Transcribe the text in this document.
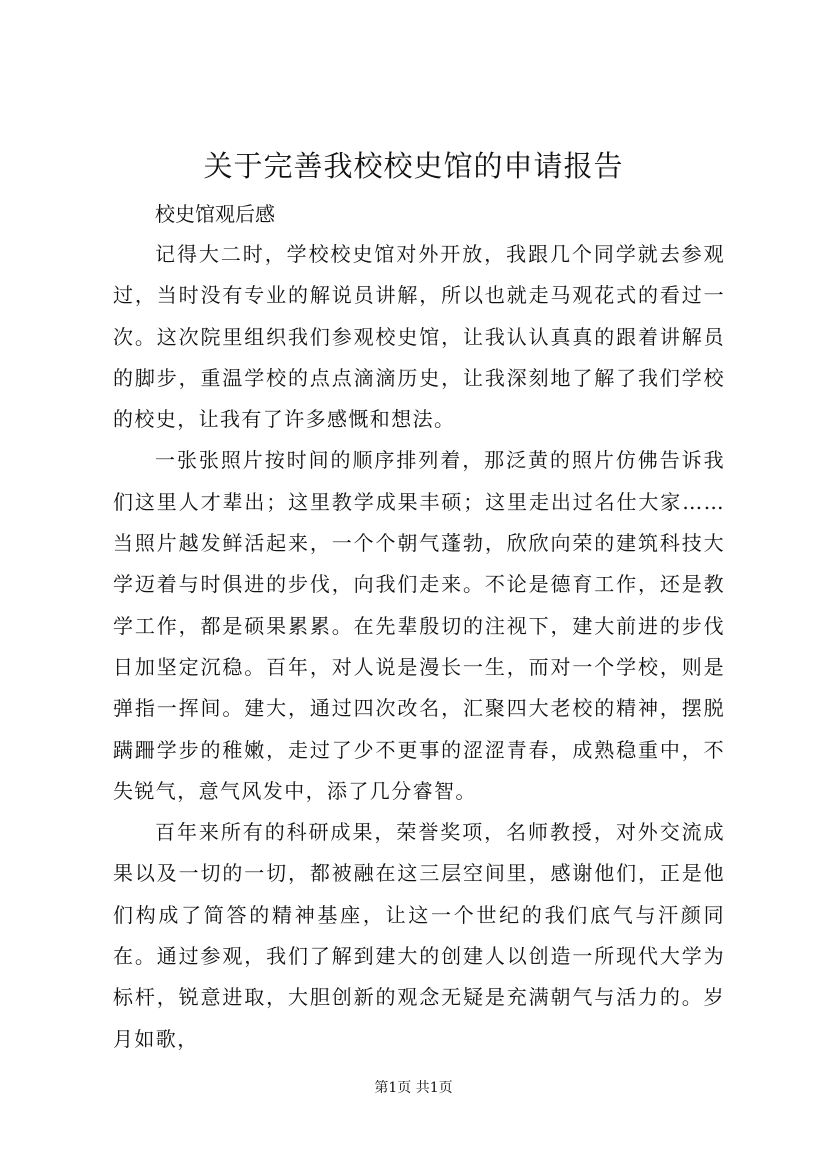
关于完善我校校史馆的申请报告

校史馆观后感

记得大二时，学校校史馆对外开放，我跟几个同学就去参观过，当时没有专业的解说员讲解，所以也就走马观花式的看过一次。这次院里组织我们参观校史馆，让我认认真真的跟着讲解员的脚步，重温学校的点点滴滴历史，让我深刻地了解了我们学校的校史，让我有了许多感慨和想法。

一张张照片按时间的顺序排列着，那泛黄的照片仿佛告诉我们这里人才辈出；这里教学成果丰硕；这里走出过名仕大家……当照片越发鲜活起来，一个个朝气蓬勃，欣欣向荣的建筑科技大学迈着与时俱进的步伐，向我们走来。不论是德育工作，还是教学工作，都是硕果累累。在先辈殷切的注视下，建大前进的步伐日加坚定沉稳。百年，对人说是漫长一生，而对一个学校，则是弹指一挥间。建大，通过四次改名，汇聚四大老校的精神，摆脱蹒跚学步的稚嫩，走过了少不更事的涩涩青春，成熟稳重中，不失锐气，意气风发中，添了几分睿智。

百年来所有的科研成果，荣誉奖项，名师教授，对外交流成果以及一切的一切，都被融在这三层空间里，感谢他们，正是他们构成了简答的精神基座，让这一个世纪的我们底气与汗颜同在。通过参观，我们了解到建大的创建人以创造一所现代大学为标杆，锐意进取，大胆创新的观念无疑是充满朝气与活力的。岁月如歌，

第1页 共1页
